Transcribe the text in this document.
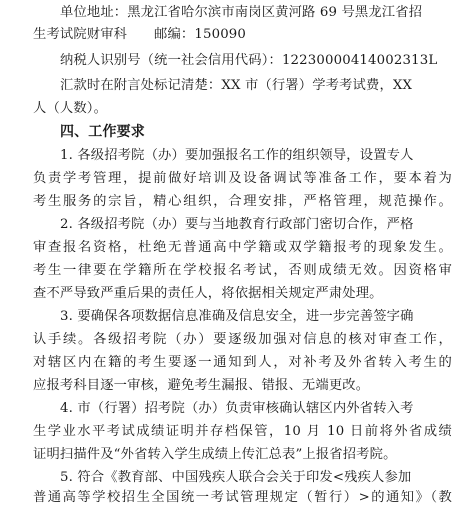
单位地址：黑龙江省哈尔滨市南岗区黄河路 69 号黑龙江省招
生考试院财审科　　邮编：150090
纳税人识别号（统一社会信用代码）：12230000414002313L
汇款时在附言处标记清楚：XX 市（行署）学考考试费，XX
人（人数）。
四、工作要求
1. 各级招考院（办）要加强报名工作的组织领导，设置专人
负责学考管理，提前做好培训及设备调试等准备工作，要本着为
考生服务的宗旨，精心组织，合理安排，严格管理，规范操作。
2. 各级招考院（办）要与当地教育行政部门密切合作，严格
审查报名资格，杜绝无普通高中学籍或双学籍报考的现象发生。
考生一律要在学籍所在学校报名考试，否则成绩无效。因资格审
查不严导致严重后果的责任人，将依据相关规定严肃处理。
3. 要确保各项数据信息准确及信息安全，进一步完善签字确
认手续。各级招考院（办）要逐级加强对信息的核对审查工作，
对辖区内在籍的考生要逐一通知到人，对补考及外省转入考生的
应报考科目逐一审核，避免考生漏报、错报、无端更改。
4. 市（行署）招考院（办）负责审核确认辖区内外省转入考
生学业水平考试成绩证明并存档保管，10 月 10 日前将外省成绩
证明扫描件及“外省转入学生成绩上传汇总表”上报省招考院。
5. 符合《教育部、中国残疾人联合会关于印发<残疾人参加
普通高等学校招生全国统一考试管理规定（暂行）>的通知》（教
